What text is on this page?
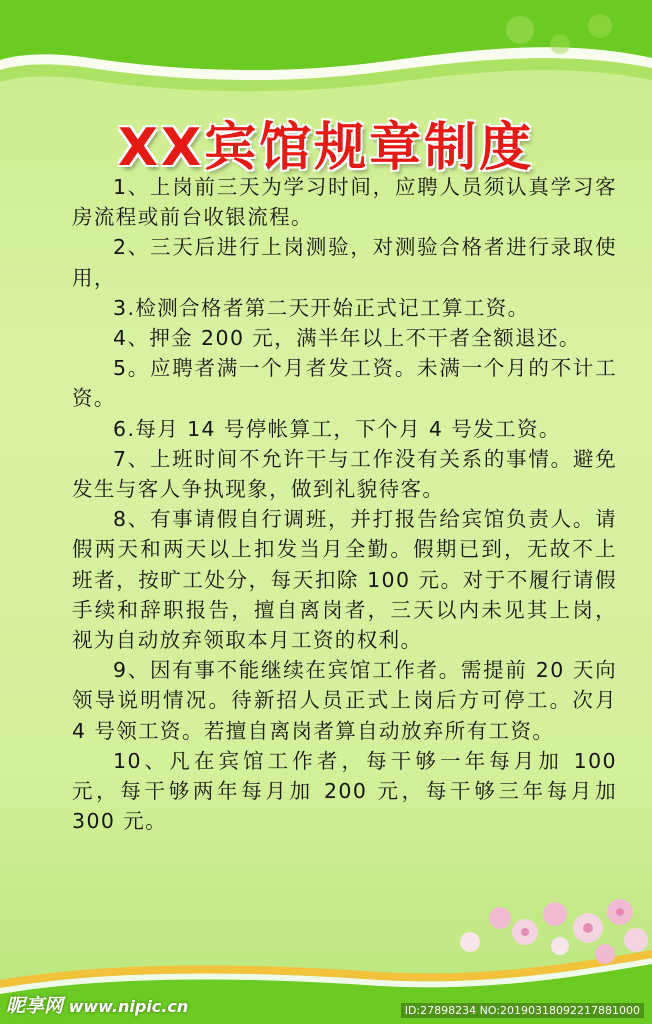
XX宾馆规章制度

1、上岗前三天为学习时间，应聘人员须认真学习客房流程或前台收银流程。

2、三天后进行上岗测验，对测验合格者进行录取使用，

3.检测合格者第二天开始正式记工算工资。

4、押金 200 元，满半年以上不干者全额退还。

5。应聘者满一个月者发工资。未满一个月的不计工资。

6.每月 14 号停帐算工，下个月 4 号发工资。

7、上班时间不允许干与工作没有关系的事情。避免发生与客人争执现象，做到礼貌待客。

8、有事请假自行调班，并打报告给宾馆负责人。请假两天和两天以上扣发当月全勤。假期已到，无故不上班者，按旷工处分，每天扣除 100 元。对于不履行请假手续和辞职报告，擅自离岗者，三天以内未见其上岗，视为自动放弃领取本月工资的权利。

9、因有事不能继续在宾馆工作者。需提前 20 天向领导说明情况。待新招人员正式上岗后方可停工。次月 4 号领工资。若擅自离岗者算自动放弃所有工资。

10、凡在宾馆工作者，每干够一年每月加 100 元，每干够两年每月加 200 元，每干够三年每月加 300 元。

昵享网 www.nipic.cn	ID:27898234 NO:20190318092217881000
